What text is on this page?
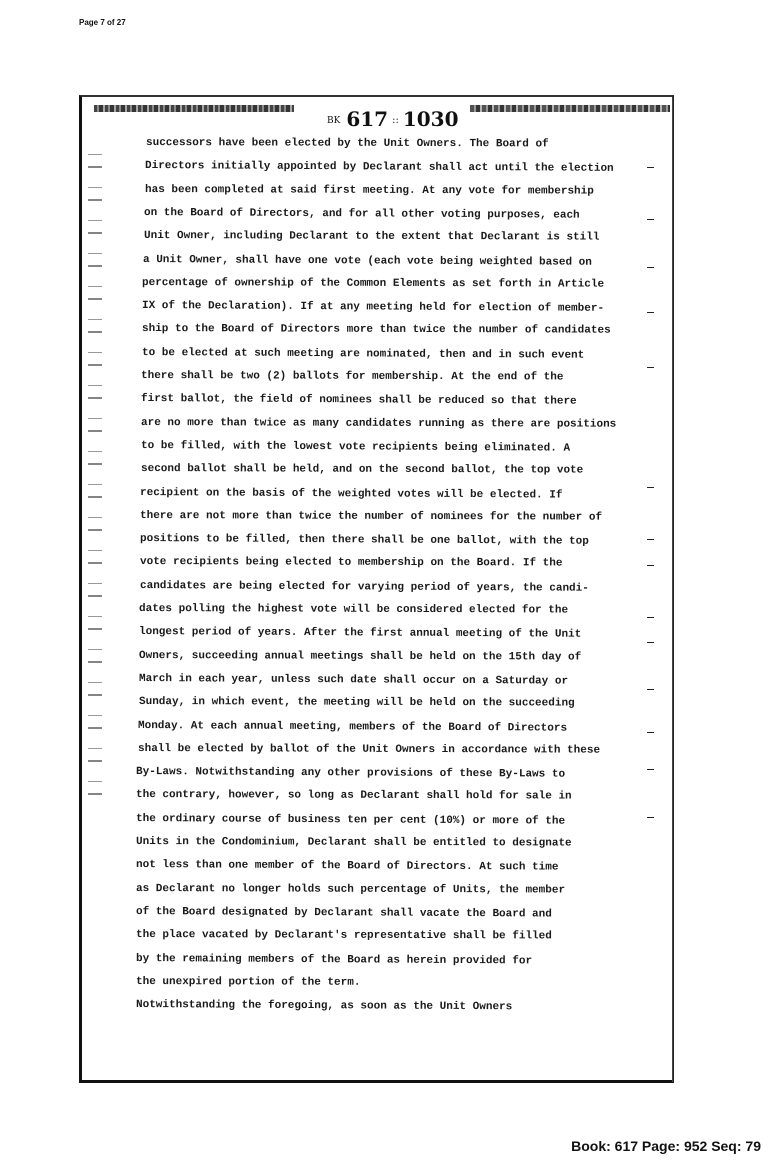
Page 7 of 27
BK 617 :: 1030
successors have been elected by the Unit Owners. The Board of
Directors initially appointed by Declarant shall act until the election
has been completed at said first meeting. At any vote for membership
on the Board of Directors, and for all other voting purposes, each
Unit Owner, including Declarant to the extent that Declarant is still
a Unit Owner, shall have one vote (each vote being weighted based on
percentage of ownership of the Common Elements as set forth in Article
IX of the Declaration). If at any meeting held for election of member-
ship to the Board of Directors more than twice the number of candidates
to be elected at such meeting are nominated, then and in such event
there shall be two (2) ballots for membership. At the end of the
first ballot, the field of nominees shall be reduced so that there
are no more than twice as many candidates running as there are positions
to be filled, with the lowest vote recipients being eliminated. A
second ballot shall be held, and on the second ballot, the top vote
recipient on the basis of the weighted votes will be elected. If
there are not more than twice the number of nominees for the number of
positions to be filled, then there shall be one ballot, with the top
vote recipients being elected to membership on the Board. If the
candidates are being elected for varying period of years, the candi-
dates polling the highest vote will be considered elected for the
longest period of years. After the first annual meeting of the Unit
Owners, succeeding annual meetings shall be held on the 15th day of
March in each year, unless such date shall occur on a Saturday or
Sunday, in which event, the meeting will be held on the succeeding
Monday. At each annual meeting, members of the Board of Directors
shall be elected by ballot of the Unit Owners in accordance with these
By-Laws. Notwithstanding any other provisions of these By-Laws to
the contrary, however, so long as Declarant shall hold for sale in
the ordinary course of business ten per cent (10%) or more of the
Units in the Condominium, Declarant shall be entitled to designate
not less than one member of the Board of Directors. At such time
as Declarant no longer holds such percentage of Units, the member
of the Board designated by Declarant shall vacate the Board and
the place vacated by Declarant's representative shall be filled
by the remaining members of the Board as herein provided for
the unexpired portion of the term.
Notwithstanding the foregoing, as soon as the Unit Owners
Book: 617 Page: 952 Seq: 79
